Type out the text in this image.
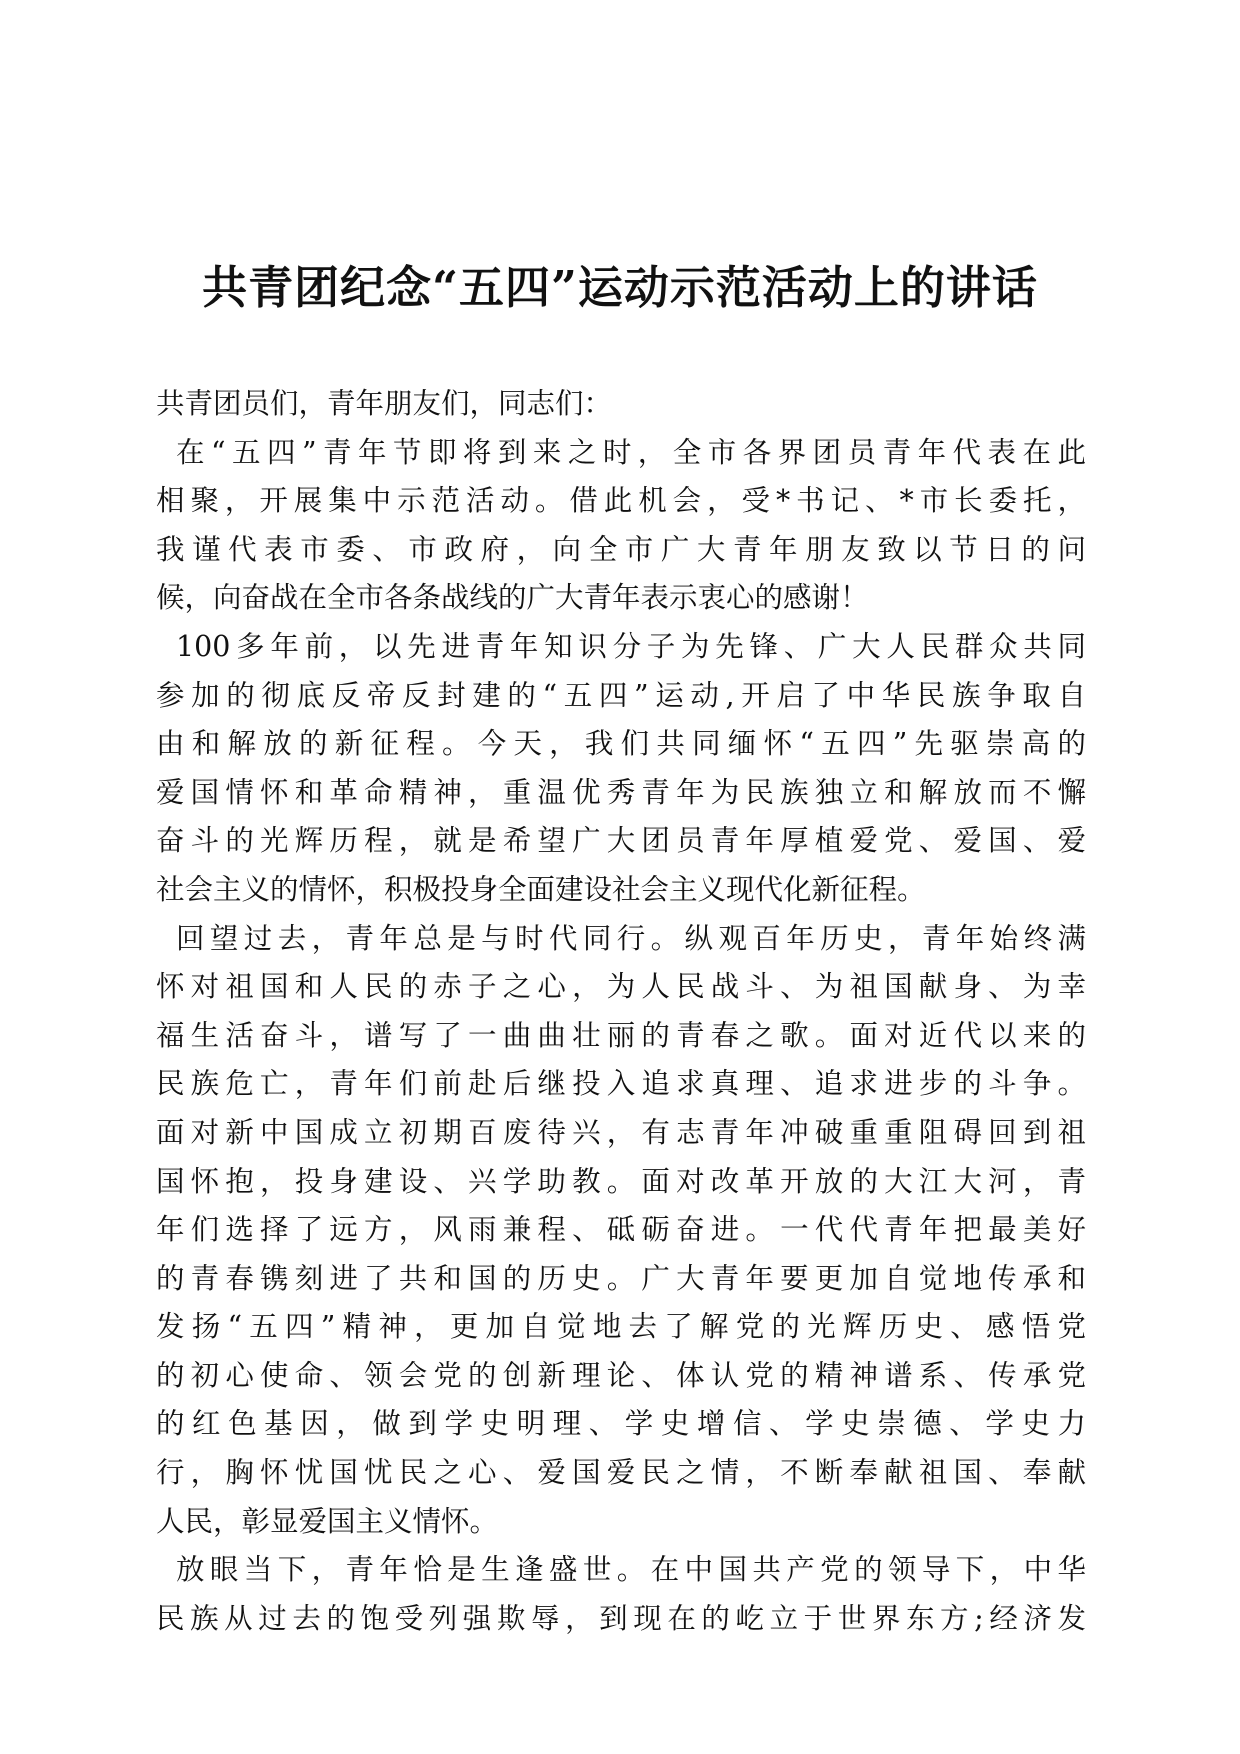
共青团纪念“五四”运动示范活动上的讲话
共青团员们，青年朋友们，同志们：
在“五四”青年节即将到来之时，全市各界团员青年代表在此
相聚，开展集中示范活动。借此机会，受*书记、*市长委托，
我谨代表市委、市政府，向全市广大青年朋友致以节日的问
候，向奋战在全市各条战线的广大青年表示衷心的感谢！
100多年前，以先进青年知识分子为先锋、广大人民群众共同
参加的彻底反帝反封建的“五四”运动,开启了中华民族争取自
由和解放的新征程。今天，我们共同缅怀“五四”先驱崇高的
爱国情怀和革命精神，重温优秀青年为民族独立和解放而不懈
奋斗的光辉历程，就是希望广大团员青年厚植爱党、爱国、爱
社会主义的情怀，积极投身全面建设社会主义现代化新征程。
回望过去，青年总是与时代同行。纵观百年历史，青年始终满
怀对祖国和人民的赤子之心，为人民战斗、为祖国献身、为幸
福生活奋斗，谱写了一曲曲壮丽的青春之歌。面对近代以来的
民族危亡，青年们前赴后继投入追求真理、追求进步的斗争。
面对新中国成立初期百废待兴，有志青年冲破重重阻碍回到祖
国怀抱，投身建设、兴学助教。面对改革开放的大江大河，青
年们选择了远方，风雨兼程、砥砺奋进。一代代青年把最美好
的青春镌刻进了共和国的历史。广大青年要更加自觉地传承和
发扬“五四”精神，更加自觉地去了解党的光辉历史、感悟党
的初心使命、领会党的创新理论、体认党的精神谱系、传承党
的红色基因，做到学史明理、学史增信、学史崇德、学史力
行，胸怀忧国忧民之心、爱国爱民之情，不断奉献祖国、奉献
人民，彰显爱国主义情怀。
放眼当下，青年恰是生逢盛世。在中国共产党的领导下，中华
民族从过去的饱受列强欺辱，到现在的屹立于世界东方;经济发
